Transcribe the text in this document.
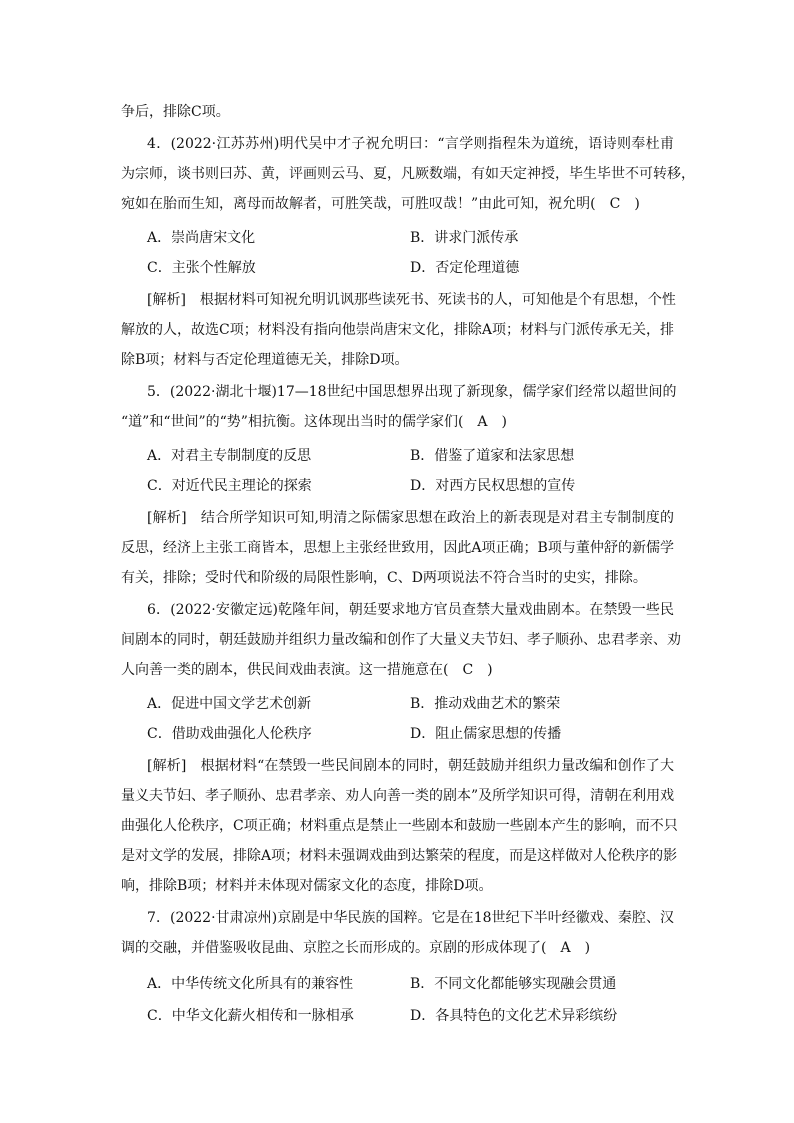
争后，排除C项。
4．(2022·江苏苏州)明代吴中才子祝允明曰：“言学则指程朱为道统，语诗则奉杜甫
为宗师，谈书则曰苏、黄，评画则云马、夏，凡厥数端，有如天定神授，毕生毕世不可转移，
宛如在胎而生知，离母而故解者，可胜笑哉，可胜叹哉！”由此可知，祝允明(　C　)
A．崇尚唐宋文化	B．讲求门派传承
C．主张个性解放	D．否定伦理道德
[解析]　根据材料可知祝允明讥讽那些读死书、死读书的人，可知他是个有思想，个性
解放的人，故选C项；材料没有指向他崇尚唐宋文化，排除A项；材料与门派传承无关，排
除B项；材料与否定伦理道德无关，排除D项。
5．(2022·湖北十堰)17—18世纪中国思想界出现了新现象，儒学家们经常以超世间的
“道”和“世间”的“势”相抗衡。这体现出当时的儒学家们(　A　)
A．对君主专制制度的反思	B．借鉴了道家和法家思想
C．对近代民主理论的探索	D．对西方民权思想的宣传
[解析]　结合所学知识可知,明清之际儒家思想在政治上的新表现是对君主专制制度的
反思，经济上主张工商皆本，思想上主张经世致用，因此A项正确；B项与董仲舒的新儒学
有关，排除；受时代和阶级的局限性影响，C、D两项说法不符合当时的史实，排除。
6．(2022·安徽定远)乾隆年间，朝廷要求地方官员查禁大量戏曲剧本。在禁毁一些民
间剧本的同时，朝廷鼓励并组织力量改编和创作了大量义夫节妇、孝子顺孙、忠君孝亲、劝
人向善一类的剧本，供民间戏曲表演。这一措施意在(　C　)
A．促进中国文学艺术创新	B．推动戏曲艺术的繁荣
C．借助戏曲强化人伦秩序	D．阻止儒家思想的传播
[解析]　根据材料“在禁毁一些民间剧本的同时，朝廷鼓励并组织力量改编和创作了大
量义夫节妇、孝子顺孙、忠君孝亲、劝人向善一类的剧本”及所学知识可得，清朝在利用戏
曲强化人伦秩序，C项正确；材料重点是禁止一些剧本和鼓励一些剧本产生的影响，而不只
是对文学的发展，排除A项；材料未强调戏曲到达繁荣的程度，而是这样做对人伦秩序的影
响，排除B项；材料并未体现对儒家文化的态度，排除D项。
7．(2022·甘肃凉州)京剧是中华民族的国粹。它是在18世纪下半叶经徽戏、秦腔、汉
调的交融，并借鉴吸收昆曲、京腔之长而形成的。京剧的形成体现了(　A　)
A．中华传统文化所具有的兼容性	B．不同文化都能够实现融会贯通
C．中华文化薪火相传和一脉相承	D．各具特色的文化艺术异彩缤纷
